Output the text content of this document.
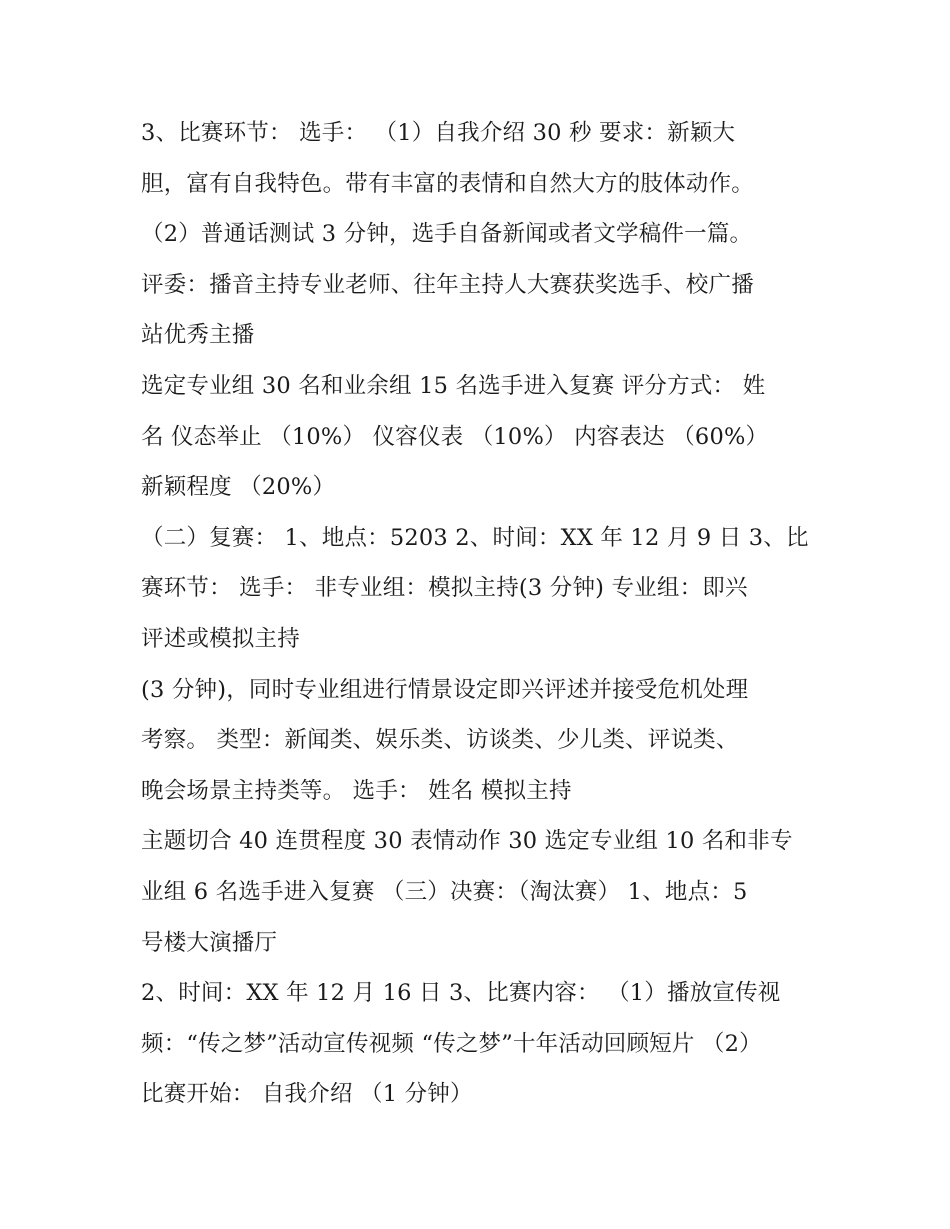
3、比赛环节： 选手： （1）自我介绍 30 秒 要求：新颖大
胆，富有自我特色。带有丰富的表情和自然大方的肢体动作。
（2）普通话测试 3 分钟，选手自备新闻或者文学稿件一篇。
评委：播音主持专业老师、往年主持人大赛获奖选手、校广播
站优秀主播
选定专业组 30 名和业余组 15 名选手进入复赛 评分方式： 姓
名 仪态举止 （10%） 仪容仪表 （10%） 内容表达 （60%）
新颖程度 （20%）
（二）复赛： 1、地点：5203 2、时间：XX 年 12 月 9 日 3、比
赛环节： 选手： 非专业组：模拟主持(3 分钟) 专业组：即兴
评述或模拟主持
(3 分钟)，同时专业组进行情景设定即兴评述并接受危机处理
考察。 类型：新闻类、娱乐类、访谈类、少儿类、评说类、
晚会场景主持类等。 选手： 姓名 模拟主持
主题切合 40 连贯程度 30 表情动作 30 选定专业组 10 名和非专
业组 6 名选手进入复赛 （三）决赛：（淘汰赛） 1、地点：5
号楼大演播厅
2、时间：XX 年 12 月 16 日 3、比赛内容： （1）播放宣传视
频：“传之梦”活动宣传视频 “传之梦”十年活动回顾短片 （2）
比赛开始： 自我介绍 （1 分钟）
